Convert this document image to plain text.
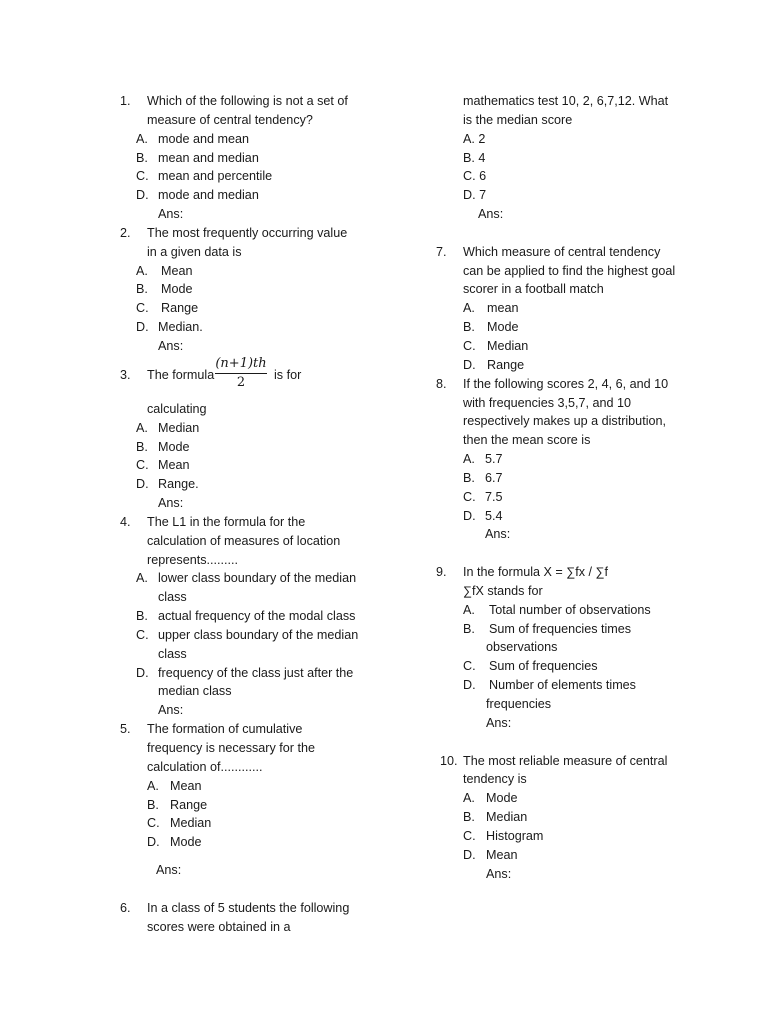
1. Which of the following is not a set of
measure of central tendency?
A. mode and mean
B. mean and median
C. mean and percentile
D. mode and median
Ans:
2. The most frequently occurring value
in a given data is
A. Mean
B. Mode
C. Range
D. Median.
Ans:
3. The formula $\frac{(n+1)th}{2}$ is for
calculating
A. Median
B. Mode
C. Mean
D. Range.
Ans:
4. The L1 in the formula for the
calculation of measures of location
represents.........
A. lower class boundary of the median
class
B. actual frequency of the modal class
C. upper class boundary of the median
class
D. frequency of the class just after the
median class
Ans:
5. The formation of cumulative
frequency is necessary for the
calculation of............
A. Mean
B. Range
C. Median
D. Mode
Ans:
6. In a class of 5 students the following
scores were obtained in a
mathematics test 10, 2, 6,7,12. What
is the median score
A. 2
B. 4
C. 6
D. 7
Ans:
7. Which measure of central tendency
can be applied to find the highest goal
scorer in a football match
A. mean
B. Mode
C. Median
D. Range
8. If the following scores 2, 4, 6, and 10
with frequencies 3,5,7, and 10
respectively makes up a distribution,
then the mean score is
A. 5.7
B. 6.7
C. 7.5
D. 5.4
Ans:
9. In the formula X = ∑fx / ∑f
∑fX stands for
A. Total number of observations
B. Sum of frequencies times
observations
C. Sum of frequencies
D. Number of elements times
frequencies
Ans:
10. The most reliable measure of central
tendency is
A. Mode
B. Median
C. Histogram
D. Mean
Ans:
